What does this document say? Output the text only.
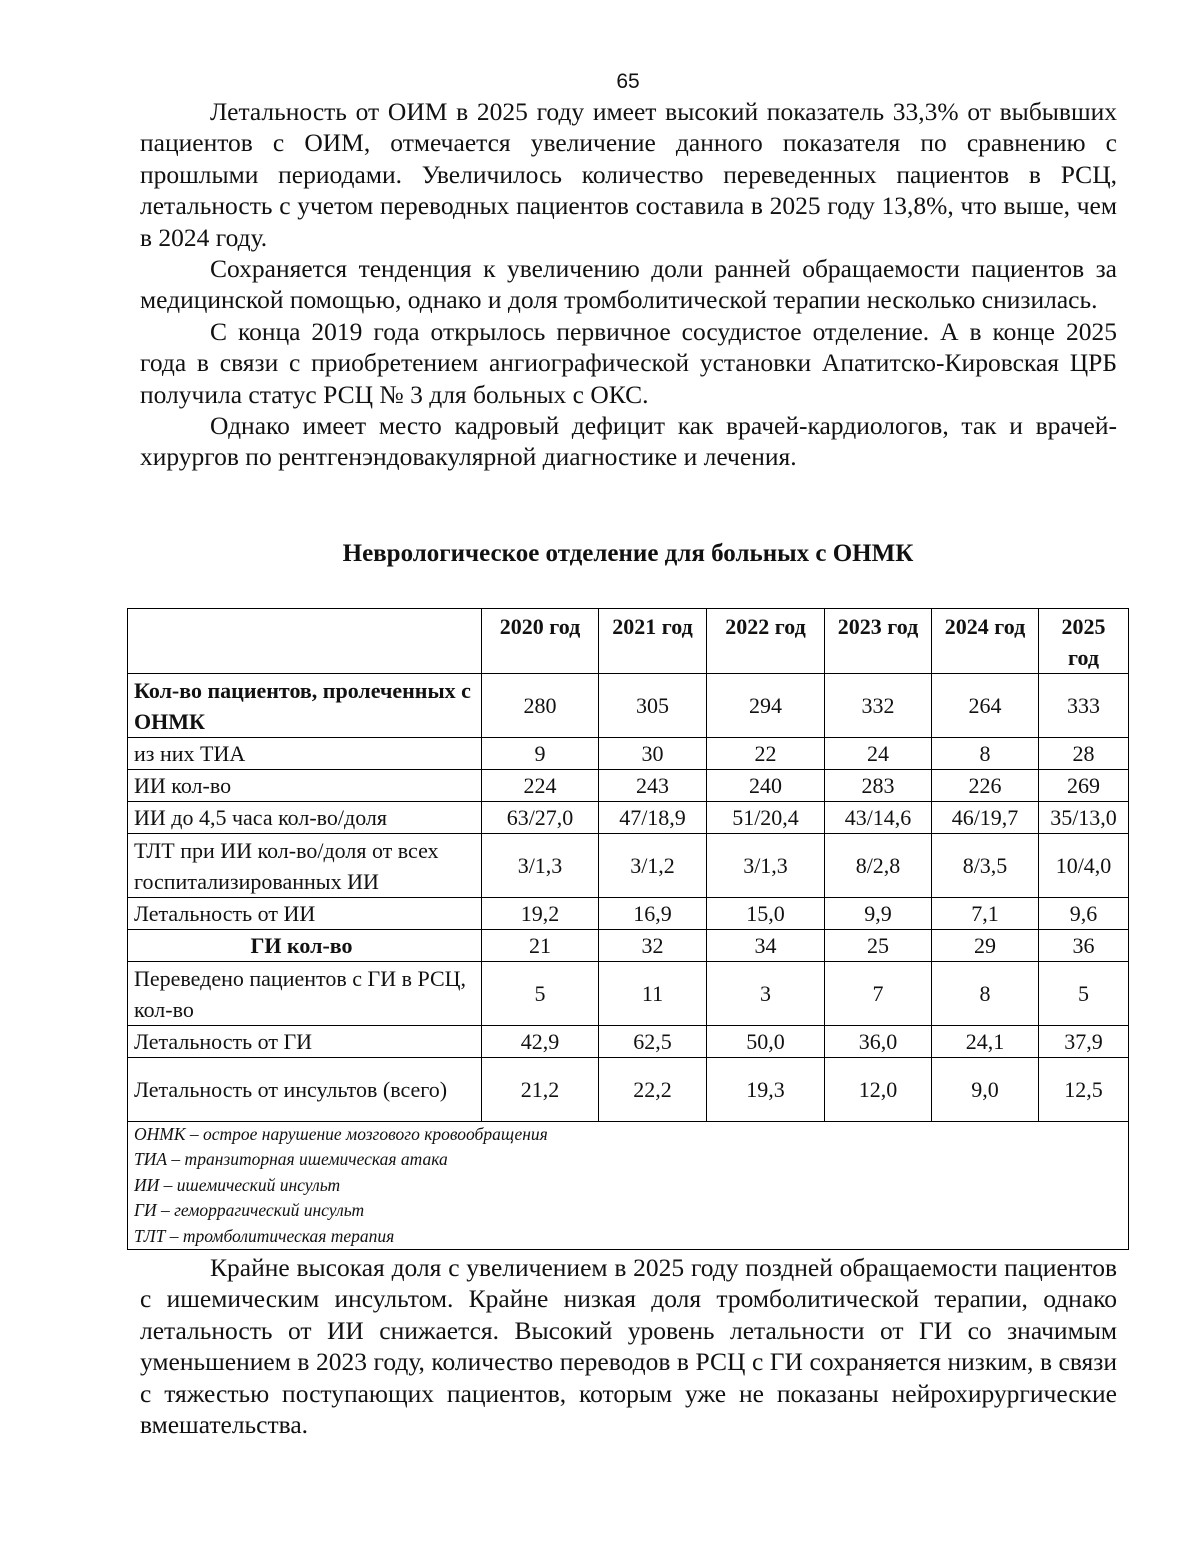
65

Летальность от ОИМ в 2025 году имеет высокий показатель 33,3% от выбывших пациентов с ОИМ, отмечается увеличение данного показателя по сравнению с прошлыми периодами. Увеличилось количество переведенных пациентов в РСЦ, летальность с учетом переводных пациентов составила в 2025 году 13,8%, что выше, чем в 2024 году.

Сохраняется тенденция к увеличению доли ранней обращаемости пациентов за медицинской помощью, однако и доля тромболитической терапии несколько снизилась.

С конца 2019 года открылось первичное сосудистое отделение. А в конце 2025 года в связи с приобретением ангиографической установки Апатитско-Кировская ЦРБ получила статус РСЦ № 3 для больных с ОКС.

Однако имеет место кадровый дефицит как врачей-кардиологов, так и врачей-хирургов по рентгенэндовакулярной диагностике и лечения.

Неврологическое отделение для больных с ОНМК
	2020 год	2021 год	2022 год	2023 год	2024 год	2025 год
Кол-во пациентов, пролеченных с ОНМК	280	305	294	332	264	333
из них ТИА	9	30	22	24	8	28
ИИ кол-во	224	243	240	283	226	269
ИИ до 4,5 часа кол-во/доля	63/27,0	47/18,9	51/20,4	43/14,6	46/19,7	35/13,0
ТЛТ при ИИ кол-во/доля от всех госпитализированных ИИ	3/1,3	3/1,2	3/1,3	8/2,8	8/3,5	10/4,0
Летальность от ИИ	19,2	16,9	15,0	9,9	7,1	9,6
ГИ кол-во	21	32	34	25	29	36
Переведено пациентов с ГИ в РСЦ, кол-во	5	11	3	7	8	5
Летальность от ГИ	42,9	62,5	50,0	36,0	24,1	37,9
Летальность от инсультов (всего)	21,2	22,2	19,3	12,0	9,0	12,5

ОНМК – острое нарушение мозгового кровообращения
ТИА – транзиторная ишемическая атака
ИИ – ишемический инсульт
ГИ – геморрагический инсульт
ТЛТ – тромболитическая терапия						

Крайне высокая доля с увеличением в 2025 году поздней обращаемости пациентов с ишемическим инсультом. Крайне низкая доля тромболитической терапии, однако летальность от ИИ снижается. Высокий уровень летальности от ГИ со значимым уменьшением в 2023 году, количество переводов в РСЦ с ГИ сохраняется низким, в связи с тяжестью поступающих пациентов, которым уже не показаны нейрохирургические вмешательства.
